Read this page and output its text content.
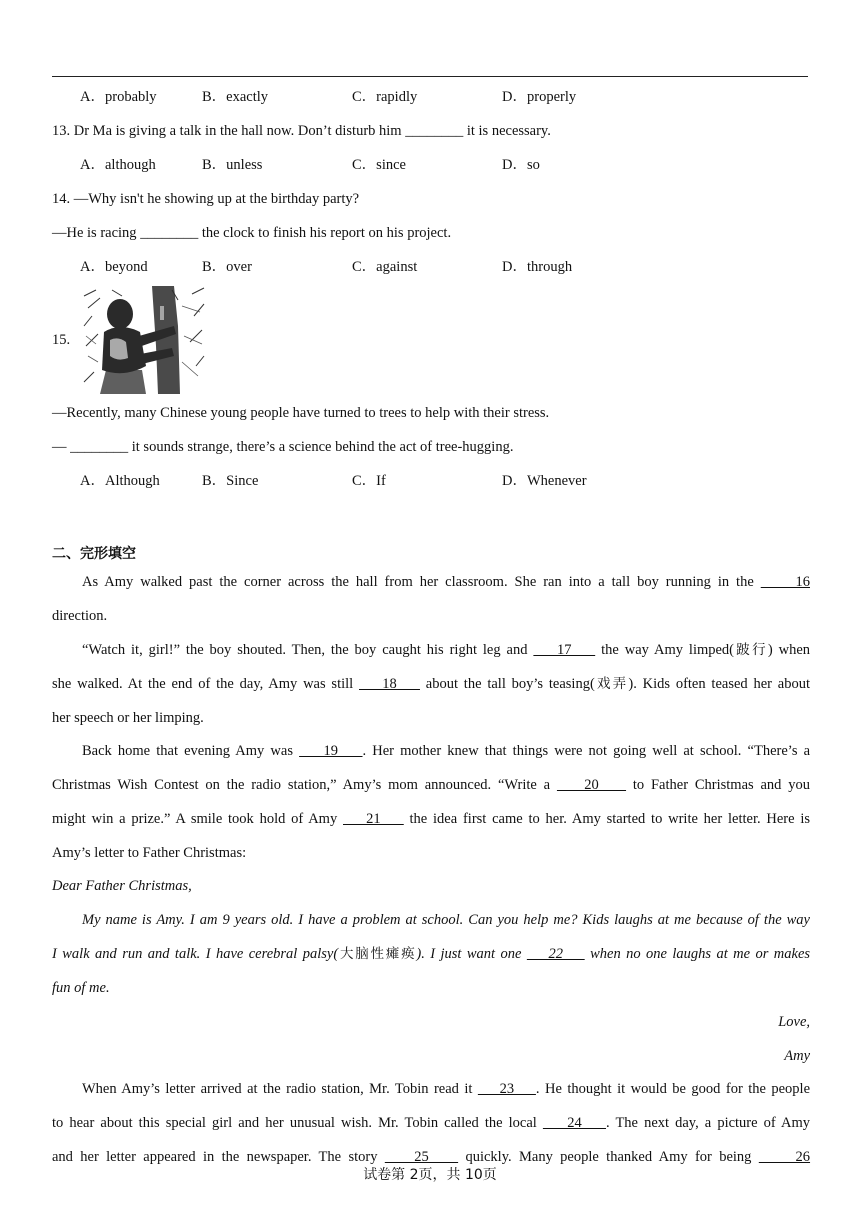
A．probably	B．exactly	C．rapidly	D．properly
13. Dr Ma is giving a talk in the hall now. Don’t disturb him ________ it is necessary.
A．although	B．unless	C．since	D．so
14. —Why isn't he showing up at the birthday party?
—He is racing ________ the clock to finish his report on his project.
A．beyond	B．over	C．against	D．through
15.
—Recently, many Chinese young people have turned to trees to help with their stress.
— ________ it sounds strange, there’s a science behind the act of tree-hugging.
A．Although	B．Since	C．If	D．Whenever
二、完形填空
As Amy walked past the corner across the hall from her classroom. She ran into a tall boy running in the      16
direction.
“Watch it, girl!” the boy shouted. Then, the boy caught his right leg and     17     the way Amy limped(跛行) when
she walked. At the end of the day, Amy was still     18     about the tall boy’s teasing(戏弄). Kids often teased her about
her speech or her limping.
Back home that evening Amy was     19    . Her mother knew that things were not going well at school. “There’s a
Christmas Wish Contest on the radio station,” Amy’s mom announced. “Write a     20     to Father Christmas and you
might win a prize.” A smile took hold of Amy     21     the idea first came to her. Amy started to write her letter. Here is
Amy’s letter to Father Christmas:
Dear Father Christmas,
My name is Amy. I am 9 years old. I have a problem at school. Can you help me? Kids laughs at me because of the way
I walk and run and talk. I have cerebral palsy(大脑性瘫痪). I just want one     22     when no one laughs at me or makes
fun of me.
Love,
Amy
When Amy’s letter arrived at the radio station, Mr. Tobin read it     23    . He thought it would be good for the people
to hear about this special girl and her unusual wish. Mr. Tobin called the local     24    . The next day, a picture of Amy
and her letter appeared in the newspaper. The story     25     quickly. Many people thanked Amy for being      26
试卷第 2页，共 10页
